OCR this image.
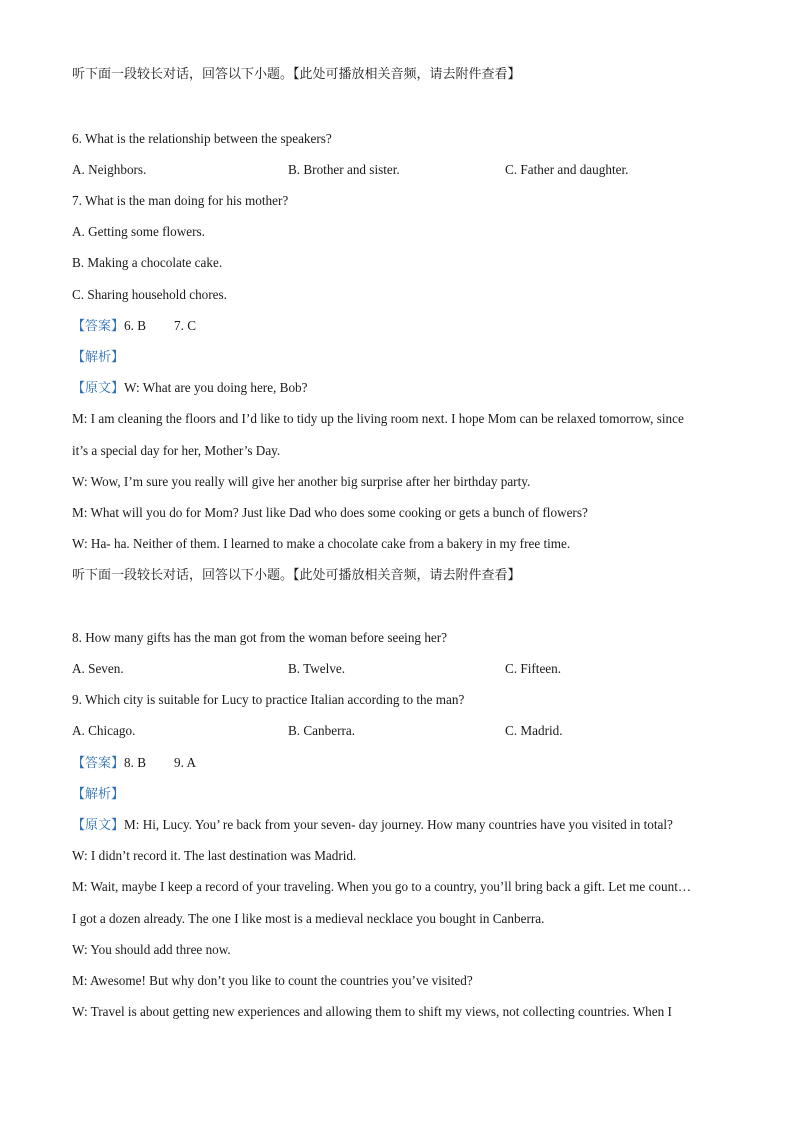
听下面一段较长对话，回答以下小题。【此处可播放相关音频，请去附件查看】
6. What is the relationship between the speakers?
A. Neighbors.	B. Brother and sister.	C. Father and daughter.
7. What is the man doing for his mother?
A. Getting some flowers.
B. Making a chocolate cake.
C. Sharing household chores.
【答案】6. B 7. C
【解析】
【原文】W: What are you doing here, Bob?
M: I am cleaning the floors and I’d like to tidy up the living room next. I hope Mom can be relaxed tomorrow, since
it’s a special day for her, Mother’s Day.
W: Wow, I’m sure you really will give her another big surprise after her birthday party.
M: What will you do for Mom? Just like Dad who does some cooking or gets a bunch of flowers?
W: Ha- ha. Neither of them. I learned to make a chocolate cake from a bakery in my free time.
听下面一段较长对话，回答以下小题。【此处可播放相关音频，请去附件查看】
8. How many gifts has the man got from the woman before seeing her?
A. Seven.	B. Twelve.	C. Fifteen.
9. Which city is suitable for Lucy to practice Italian according to the man?
A. Chicago.	B. Canberra.	C. Madrid.
【答案】8. B 9. A
【解析】
【原文】M: Hi, Lucy. You’ re back from your seven- day journey. How many countries have you visited in total?
W: I didn’t record it. The last destination was Madrid.
M: Wait, maybe I keep a record of your traveling. When you go to a country, you’ll bring back a gift. Let me count…
I got a dozen already. The one I like most is a medieval necklace you bought in Canberra.
W: You should add three now.
M: Awesome! But why don’t you like to count the countries you’ve visited?
W: Travel is about getting new experiences and allowing them to shift my views, not collecting countries. When I
